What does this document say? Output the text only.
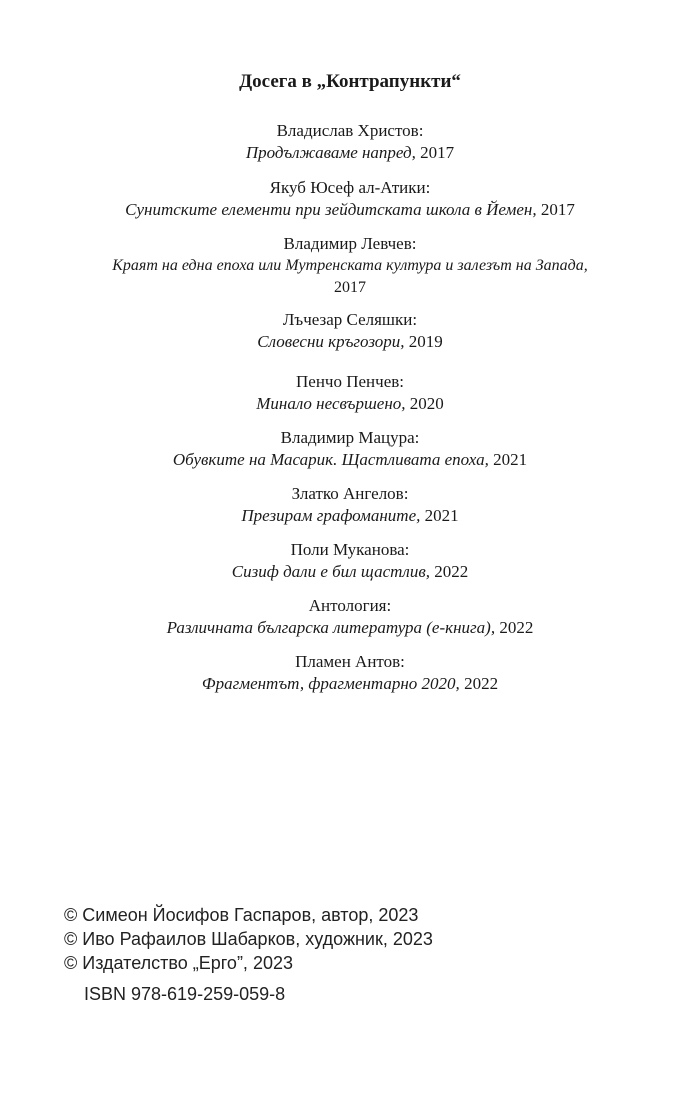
Досега в „Контрапункти“
Владислав Христов:
Продължаваме напред, 2017
Якуб Юсеф ал-Атики:
Сунитските елементи при зейдитската школа в Йемен, 2017
Владимир Левчев:
Краят на една епоха или Мутренската култура и залезът на Запада,
2017
Лъчезар Селяшки:
Словесни кръгозори, 2019
Пенчо Пенчев:
Минало несвършено, 2020
Владимир Мацура:
Обувките на Масарик. Щастливата епоха, 2021
Златко Ангелов:
Презирам графоманите, 2021
Поли Муканова:
Сизиф дали е бил щастлив, 2022
Антология:
Различната българска литература (е-книга), 2022
Пламен Антов:
Фрагментът, фрагментарно 2020, 2022
© Симеон Йосифов Гаспаров, автор, 2023
© Иво Рафаилов Шабарков, художник, 2023
© Издателство „Ерго”, 2023
ISBN 978-619-259-059-8
